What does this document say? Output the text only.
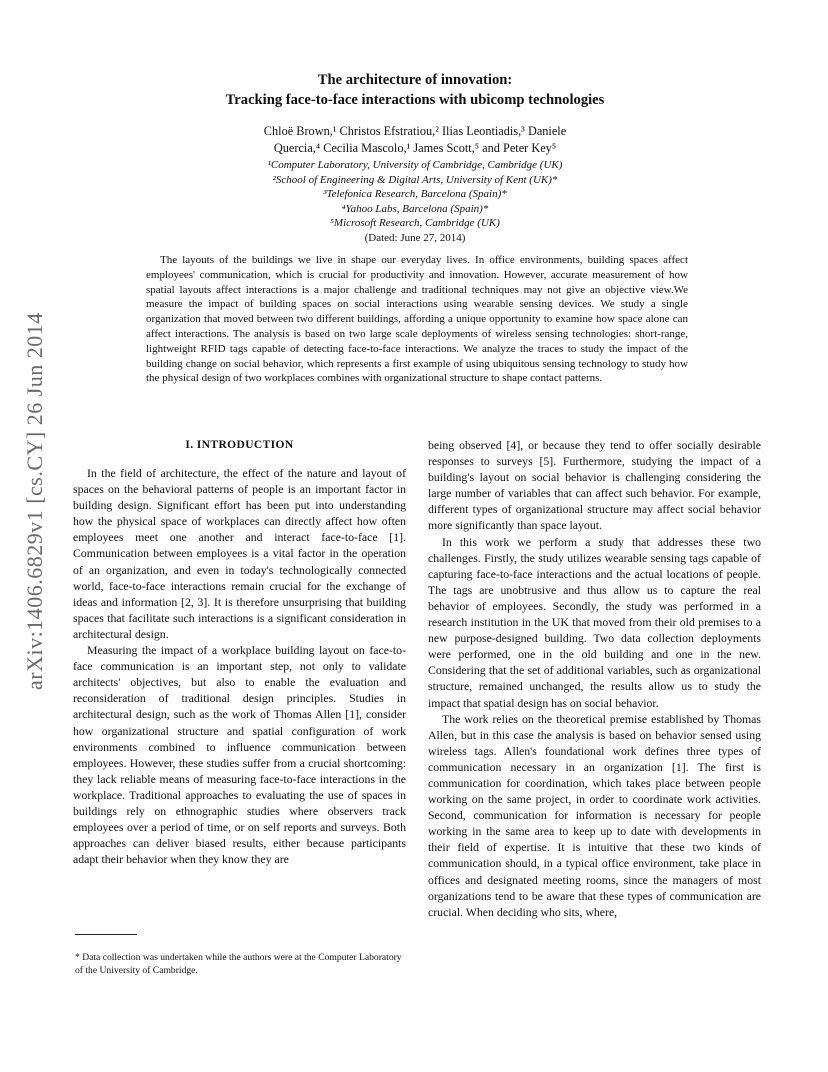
arXiv:1406.6829v1 [cs.CY] 26 Jun 2014
The architecture of innovation:
Tracking face-to-face interactions with ubicomp technologies
Chloë Brown,¹ Christos Efstratiou,² Ilias Leontiadis,³ Daniele
Quercia,⁴ Cecilia Mascolo,¹ James Scott,⁵ and Peter Key⁵
¹Computer Laboratory, University of Cambridge, Cambridge (UK)
²School of Engineering & Digital Arts, University of Kent (UK)*
³Telefonica Research, Barcelona (Spain)*
⁴Yahoo Labs, Barcelona (Spain)*
⁵Microsoft Research, Cambridge (UK)
(Dated: June 27, 2014)

The layouts of the buildings we live in shape our everyday lives. In office environments, building spaces affect employees' communication, which is crucial for productivity and innovation. However, accurate measurement of how spatial layouts affect interactions is a major challenge and traditional techniques may not give an objective view.We measure the impact of building spaces on social interactions using wearable sensing devices. We study a single organization that moved between two different buildings, affording a unique opportunity to examine how space alone can affect interactions. The analysis is based on two large scale deployments of wireless sensing technologies: short-range, lightweight RFID tags capable of detecting face-to-face interactions. We analyze the traces to study the impact of the building change on social behavior, which represents a first example of using ubiquitous sensing technology to study how the physical design of two workplaces combines with organizational structure to shape contact patterns.

I. INTRODUCTION

In the field of architecture, the effect of the nature and layout of spaces on the behavioral patterns of people is an important factor in building design. Significant effort has been put into understanding how the physical space of workplaces can directly affect how often employees meet one another and interact face-to-face [1]. Communication between employees is a vital factor in the operation of an organization, and even in today's technologically connected world, face-to-face interactions remain crucial for the exchange of ideas and information [2, 3]. It is therefore unsurprising that building spaces that facilitate such interactions is a significant consideration in architectural design.

Measuring the impact of a workplace building layout on face-to-face communication is an important step, not only to validate architects' objectives, but also to enable the evaluation and reconsideration of traditional design principles. Studies in architectural design, such as the work of Thomas Allen [1], consider how organizational structure and spatial configuration of work environments combined to influence communication between employees. However, these studies suffer from a crucial shortcoming: they lack reliable means of measuring face-to-face interactions in the workplace. Traditional approaches to evaluating the use of spaces in buildings rely on ethnographic studies where observers track employees over a period of time, or on self reports and surveys. Both approaches can deliver biased results, either because participants adapt their behavior when they know they are

being observed [4], or because they tend to offer socially desirable responses to surveys [5]. Furthermore, studying the impact of a building's layout on social behavior is challenging considering the large number of variables that can affect such behavior. For example, different types of organizational structure may affect social behavior more significantly than space layout.

In this work we perform a study that addresses these two challenges. Firstly, the study utilizes wearable sensing tags capable of capturing face-to-face interactions and the actual locations of people. The tags are unobtrusive and thus allow us to capture the real behavior of employees. Secondly, the study was performed in a research institution in the UK that moved from their old premises to a new purpose-designed building. Two data collection deployments were performed, one in the old building and one in the new. Considering that the set of additional variables, such as organizational structure, remained unchanged, the results allow us to study the impact that spatial design has on social behavior.

The work relies on the theoretical premise established by Thomas Allen, but in this case the analysis is based on behavior sensed using wireless tags. Allen's foundational work defines three types of communication necessary in an organization [1]. The first is communication for coordination, which takes place between people working on the same project, in order to coordinate work activities. Second, communication for information is necessary for people working in the same area to keep up to date with developments in their field of expertise. It is intuitive that these two kinds of communication should, in a typical office environment, take place in offices and designated meeting rooms, since the managers of most organizations tend to be aware that these types of communication are crucial. When deciding who sits, where,

* Data collection was undertaken while the authors were at the Computer Laboratory of the University of Cambridge.
